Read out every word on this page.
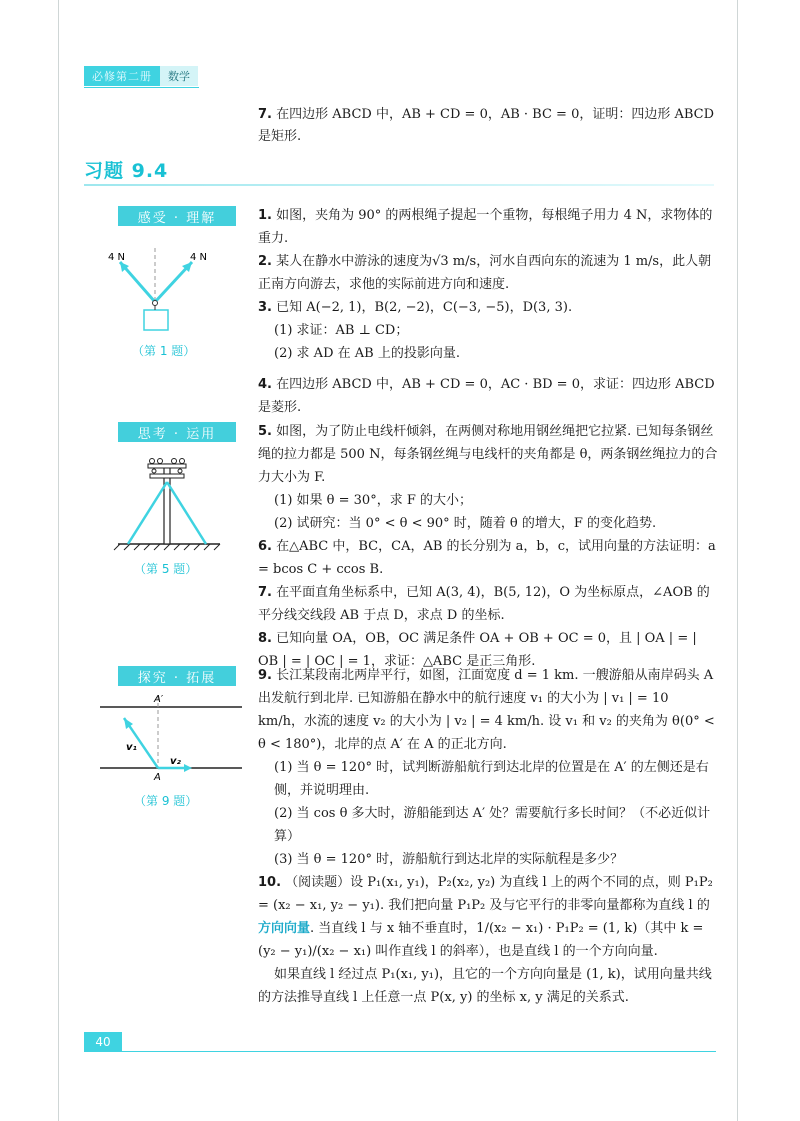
必修第二册	数学
7. 在四边形 ABCD 中，AB + CD = 0，AB · BC = 0，证明：四边形 ABCD 是矩形.
习题 9.4
感受 · 理解
思考 · 运用
探究 · 拓展
4 N	4 N
（第 1 题）
（第 5 题）
A′
A
v₁
v₂
（第 9 题）

1. 如图，夹角为 90° 的两根绳子提起一个重物，每根绳子用力 4 N，求物体的重力.

2. 某人在静水中游泳的速度为√3 m/s，河水自西向东的流速为 1 m/s，此人朝正南方向游去，求他的实际前进方向和速度.

3. 已知 A(−2, 1)，B(2, −2)，C(−3, −5)，D(3, 3).

(1) 求证：AB ⊥ CD；

(2) 求 AD 在 AB 上的投影向量.

4. 在四边形 ABCD 中，AB + CD = 0，AC · BD = 0，求证：四边形 ABCD 是菱形.

5. 如图，为了防止电线杆倾斜，在两侧对称地用钢丝绳把它拉紧. 已知每条钢丝绳的拉力都是 500 N，每条钢丝绳与电线杆的夹角都是 θ，两条钢丝绳拉力的合力大小为 F.

(1) 如果 θ = 30°，求 F 的大小；

(2) 试研究：当 0° < θ < 90° 时，随着 θ 的增大，F 的变化趋势.

6. 在△ABC 中，BC，CA，AB 的长分别为 a，b，c，试用向量的方法证明：a = bcos C + ccos B.

7. 在平面直角坐标系中，已知 A(3, 4)，B(5, 12)，O 为坐标原点，∠AOB 的平分线交线段 AB 于点 D，求点 D 的坐标.

8. 已知向量 OA，OB，OC 满足条件 OA + OB + OC = 0，且 | OA | = | OB | = | OC | = 1，求证：△ABC 是正三角形.

9. 长江某段南北两岸平行，如图，江面宽度 d = 1 km. 一艘游船从南岸码头 A 出发航行到北岸. 已知游船在静水中的航行速度 v₁ 的大小为 | v₁ | = 10 km/h，水流的速度 v₂ 的大小为 | v₂ | = 4 km/h. 设 v₁ 和 v₂ 的夹角为 θ(0° < θ < 180°)，北岸的点 A′ 在 A 的正北方向.

(1) 当 θ = 120° 时，试判断游船航行到达北岸的位置是在 A′ 的左侧还是右侧，并说明理由.

(2) 当 cos θ 多大时，游船能到达 A′ 处？需要航行多长时间？（不必近似计算）

(3) 当 θ = 120° 时，游船航行到达北岸的实际航程是多少？

10. （阅读题）设 P₁(x₁, y₁)，P₂(x₂, y₂) 为直线 l 上的两个不同的点，则 P₁P₂ = (x₂ − x₁, y₂ − y₁). 我们把向量 P₁P₂ 及与它平行的非零向量都称为直线 l 的方向向量. 当直线 l 与 x 轴不垂直时，1/(x₂ − x₁) · P₁P₂ = (1, k)（其中 k = (y₂ − y₁)/(x₂ − x₁) 叫作直线 l 的斜率），也是直线 l 的一个方向向量.

如果直线 l 经过点 P₁(x₁, y₁)，且它的一个方向向量是 (1, k)，试用向量共线的方法推导直线 l 上任意一点 P(x, y) 的坐标 x, y 满足的关系式.

40
